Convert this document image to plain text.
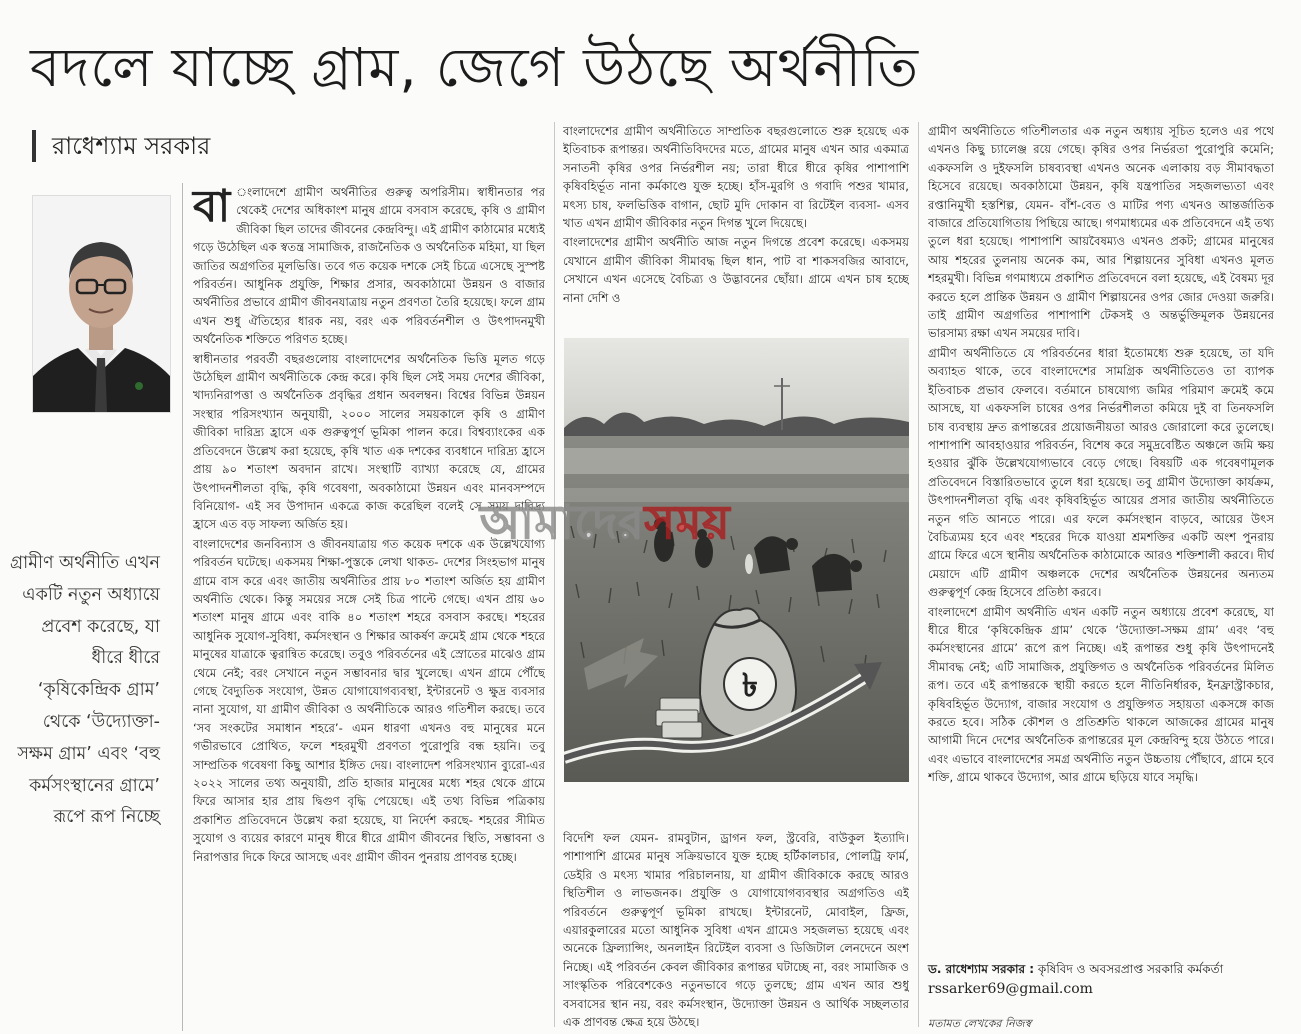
বদলে যাচ্ছে গ্রাম, জেগে উঠছে অর্থনীতি
রাধেশ্যাম সরকার
গ্রামীণ অর্থনীতি এখন একটি নতুন অধ্যায়ে প্রবেশ করেছে, যা ধীরে ধীরে ‘কৃষিকেন্দ্রিক গ্রাম’ থেকে ‘উদ্যোক্তা-সক্ষম গ্রাম’ এবং ‘বহু কর্মসংস্থানের গ্রামে’ রূপে রূপ নিচ্ছে

বা ংলাদেশে গ্রামীণ অর্থনীতির গুরুত্ব অপরিসীম। স্বাধীনতার পর থেকেই দেশের অধিকাংশ মানুষ গ্রামে বসবাস করেছে, কৃষি ও গ্রামীণ জীবিকা ছিল তাদের জীবনের কেন্দ্রবিন্দু। এই গ্রামীণ কাঠামোর মধ্যেই গড়ে উঠেছিল এক স্বতন্ত্র সামাজিক, রাজনৈতিক ও অর্থনৈতিক মহিমা, যা ছিল জাতির অগ্রগতির মূলভিত্তি। তবে গত কয়েক দশকে সেই চিত্রে এসেছে সুস্পষ্ট পরিবর্তন। আধুনিক প্রযুক্তি, শিক্ষার প্রসার, অবকাঠামো উন্নয়ন ও বাজার অর্থনীতির প্রভাবে গ্রামীণ জীবনযাত্রায় নতুন প্রবণতা তৈরি হয়েছে। ফলে গ্রাম এখন শুধু ঐতিহ্যের ধারক নয়, বরং এক পরিবর্তনশীল ও উৎপাদনমুখী অর্থনৈতিক শক্তিতে পরিণত হচ্ছে।

স্বাধীনতার পরবর্তী বছরগুলোয় বাংলাদেশের অর্থনৈতিক ভিত্তি মূলত গড়ে উঠেছিল গ্রামীণ অর্থনীতিকে কেন্দ্র করে। কৃষি ছিল সেই সময় দেশের জীবিকা, খাদ্যনিরাপত্তা ও অর্থনৈতিক প্রবৃদ্ধির প্রধান অবলম্বন। বিশ্বের বিভিন্ন উন্নয়ন সংস্থার পরিসংখ্যান অনুযায়ী, ২০০০ সালের সময়কালে কৃষি ও গ্রামীণ জীবিকা দারিদ্র্য হ্রাসে এক গুরুত্বপূর্ণ ভূমিকা পালন করে। বিশ্বব্যাংকের এক প্রতিবেদনে উল্লেখ করা হয়েছে, কৃষি খাত এক দশকের ব্যবধানে দারিদ্র্য হ্রাসে প্রায় ৯০ শতাংশ অবদান রাখে। সংস্থাটি ব্যাখ্যা করেছে যে, গ্রামের উৎপাদনশীলতা বৃদ্ধি, কৃষি গবেষণা, অবকাঠামো উন্নয়ন এবং মানবসম্পদে বিনিয়োগ- এই সব উপাদান একত্রে কাজ করেছিল বলেই সে সময় দারিদ্র্য হ্রাসে এত বড় সাফল্য অর্জিত হয়।

বাংলাদেশের জনবিন্যাস ও জীবনযাত্রায় গত কয়েক দশকে এক উল্লেখযোগ্য পরিবর্তন ঘটেছে। একসময় শিক্ষা-পুস্তকে লেখা থাকত- দেশের সিংহভাগ মানুষ গ্রামে বাস করে এবং জাতীয় অর্থনীতির প্রায় ৮০ শতাংশ অর্জিত হয় গ্রামীণ অর্থনীতি থেকে। কিন্তু সময়ের সঙ্গে সেই চিত্র পাল্টে গেছে। এখন প্রায় ৬০ শতাংশ মানুষ গ্রামে এবং বাকি ৪০ শতাংশ শহরে বসবাস করছে। শহরের আধুনিক সুযোগ-সুবিধা, কর্মসংস্থান ও শিক্ষার আকর্ষণ ক্রমেই গ্রাম থেকে শহরে মানুষের যাত্রাকে ত্বরান্বিত করেছে। তবুও পরিবর্তনের এই স্রোতের মাঝেও গ্রাম থেমে নেই; বরং সেখানে নতুন সম্ভাবনার দ্বার খুলেছে। এখন গ্রামে পৌঁছে গেছে বৈদ্যুতিক সংযোগ, উন্নত যোগাযোগব্যবস্থা, ইন্টারনেট ও ক্ষুদ্র ব্যবসার নানা সুযোগ, যা গ্রামীণ জীবিকা ও অর্থনীতিকে আরও গতিশীল করছে। তবে ‘সব সংকটের সমাধান শহরে’- এমন ধারণা এখনও বহু মানুষের মনে গভীরভাবে প্রোথিত, ফলে শহরমুখী প্রবণতা পুরোপুরি বন্ধ হয়নি। তবু সাম্প্রতিক গবেষণা কিছু আশার ইঙ্গিত দেয়। বাংলাদেশ পরিসংখ্যান ব্যুরো-এর ২০২২ সালের তথ্য অনুযায়ী, প্রতি হাজার মানুষের মধ্যে শহর থেকে গ্রামে ফিরে আসার হার প্রায় দ্বিগুণ বৃদ্ধি পেয়েছে। এই তথ্য বিভিন্ন পত্রিকায় প্রকাশিত প্রতিবেদনে উল্লেখ করা হয়েছে, যা নির্দেশ করছে- শহরের সীমিত সুযোগ ও ব্যয়ের কারণে মানুষ ধীরে ধীরে গ্রামীণ জীবনের স্থিতি, সম্ভাবনা ও নিরাপত্তার দিকে ফিরে আসছে এবং গ্রামীণ জীবন পুনরায় প্রাণবন্ত হচ্ছে।

বাংলাদেশের গ্রামীণ অর্থনীতিতে সাম্প্রতিক বছরগুলোতে শুরু হয়েছে এক ইতিবাচক রূপান্তর। অর্থনীতিবিদদের মতে, গ্রামের মানুষ এখন আর একমাত্র সনাতনী কৃষির ওপর নির্ভরশীল নয়; তারা ধীরে ধীরে কৃষির পাশাপাশি কৃষিবহির্ভূত নানা কর্মকাণ্ডে যুক্ত হচ্ছে। হাঁস-মুরগি ও গবাদি পশুর খামার, মৎস্য চাষ, ফলভিত্তিক বাগান, ছোট মুদি দোকান বা রিটেইল ব্যবসা- এসব খাত এখন গ্রামীণ জীবিকার নতুন দিগন্ত খুলে দিয়েছে।

বাংলাদেশের গ্রামীণ অর্থনীতি আজ নতুন দিগন্তে প্রবেশ করেছে। একসময় যেখানে গ্রামীণ জীবিকা সীমাবদ্ধ ছিল ধান, পাট বা শাকসবজির আবাদে, সেখানে এখন এসেছে বৈচিত্র্য ও উদ্ভাবনের ছোঁয়া। গ্রামে এখন চাষ হচ্ছে নানা দেশি ও

৳
আমাদেরসময়

বিদেশি ফল যেমন- রামবুটান, ড্রাগন ফল, স্ট্রবেরি, বাউকুল ইত্যাদি। পাশাপাশি গ্রামের মানুষ সক্রিয়ভাবে যুক্ত হচ্ছে হর্টিকালচার, পোলট্রি ফার্ম, ডেইরি ও মৎস্য খামার পরিচালনায়, যা গ্রামীণ জীবিকাকে করছে আরও স্থিতিশীল ও লাভজনক। প্রযুক্তি ও যোগাযোগব্যবস্থার অগ্রগতিও এই পরিবর্তনে গুরুত্বপূর্ণ ভূমিকা রাখছে। ইন্টারনেট, মোবাইল, ফ্রিজ, এয়ারকুলারের মতো আধুনিক সুবিধা এখন গ্রামেও সহজলভ্য হয়েছে এবং অনেকে ফ্রিল্যান্সিং, অনলাইন রিটেইল ব্যবসা ও ডিজিটাল লেনদেনে অংশ নিচ্ছে। এই পরিবর্তন কেবল জীবিকার রূপান্তর ঘটাচ্ছে না, বরং সামাজিক ও সাংস্কৃতিক পরিবেশকেও নতুনভাবে গড়ে তুলছে; গ্রাম এখন আর শুধু বসবাসের স্থান নয়, বরং কর্মসংস্থান, উদ্যোক্তা উন্নয়ন ও আর্থিক সচ্ছলতার এক প্রাণবন্ত ক্ষেত্র হয়ে উঠছে।

গ্রামীণ অর্থনীতিতে গতিশীলতার এক নতুন অধ্যায় সূচিত হলেও এর পথে এখনও কিছু চ্যালেঞ্জ রয়ে গেছে। কৃষির ওপর নির্ভরতা পুরোপুরি কমেনি; একফসলি ও দুইফসলি চাষব্যবস্থা এখনও অনেক এলাকায় বড় সীমাবদ্ধতা হিসেবে রয়েছে। অবকাঠামো উন্নয়ন, কৃষি যন্ত্রপাতির সহজলভ্যতা এবং রপ্তানিমুখী হস্তশিল্প, যেমন- বাঁশ-বেত ও মাটির পণ্য এখনও আন্তর্জাতিক বাজারে প্রতিযোগিতায় পিছিয়ে আছে। গণমাধ্যমের এক প্রতিবেদনে এই তথ্য তুলে ধরা হয়েছে। পাশাপাশি আয়বৈষম্যও এখনও প্রকট; গ্রামের মানুষের আয় শহরের তুলনায় অনেক কম, আর শিল্পায়নের সুবিধা এখনও মূলত শহরমুখী। বিভিন্ন গণমাধ্যমে প্রকাশিত প্রতিবেদনে বলা হয়েছে, এই বৈষম্য দূর করতে হলে প্রান্তিক উন্নয়ন ও গ্রামীণ শিল্পায়নের ওপর জোর দেওয়া জরুরি। তাই গ্রামীণ অগ্রগতির পাশাপাশি টেকসই ও অন্তর্ভুক্তিমূলক উন্নয়নের ভারসাম্য রক্ষা এখন সময়ের দাবি।

গ্রামীণ অর্থনীতিতে যে পরিবর্তনের ধারা ইতোমধ্যে শুরু হয়েছে, তা যদি অব্যাহত থাকে, তবে বাংলাদেশের সামগ্রিক অর্থনীতিতেও তা ব্যাপক ইতিবাচক প্রভাব ফেলবে। বর্তমানে চাষযোগ্য জমির পরিমাণ ক্রমেই কমে আসছে, যা একফসলি চাষের ওপর নির্ভরশীলতা কমিয়ে দুই বা তিনফসলি চাষ ব্যবস্থায় দ্রুত রূপান্তরের প্রয়োজনীয়তা আরও জোরালো করে তুলেছে। পাশাপাশি আবহাওয়ার পরিবর্তন, বিশেষ করে সমুদ্রবেষ্টিত অঞ্চলে জমি ক্ষয় হওয়ার ঝুঁকি উল্লেখযোগ্যভাবে বেড়ে গেছে। বিষয়টি এক গবেষণামূলক প্রতিবেদনে বিস্তারিতভাবে তুলে ধরা হয়েছে। তবু গ্রামীণ উদ্যোক্তা কার্যক্রম, উৎপাদনশীলতা বৃদ্ধি এবং কৃষিবহির্ভূত আয়ের প্রসার জাতীয় অর্থনীতিতে নতুন গতি আনতে পারে। এর ফলে কর্মসংস্থান বাড়বে, আয়ের উৎস বৈচিত্র্যময় হবে এবং শহরের দিকে যাওয়া শ্রমশক্তির একটি অংশ পুনরায় গ্রামে ফিরে এসে স্থানীয় অর্থনৈতিক কাঠামোকে আরও শক্তিশালী করবে। দীর্ঘ মেয়াদে এটি গ্রামীণ অঞ্চলকে দেশের অর্থনৈতিক উন্নয়নের অন্যতম গুরুত্বপূর্ণ কেন্দ্র হিসেবে প্রতিষ্ঠা করবে।

বাংলাদেশে গ্রামীণ অর্থনীতি এখন একটি নতুন অধ্যায়ে প্রবেশ করেছে, যা ধীরে ধীরে ‘কৃষিকেন্দ্রিক গ্রাম’ থেকে ‘উদ্যোক্তা-সক্ষম গ্রাম’ এবং ‘বহু কর্মসংস্থানের গ্রামে’ রূপে রূপ নিচ্ছে। এই রূপান্তর শুধু কৃষি উৎপাদনেই সীমাবদ্ধ নেই; এটি সামাজিক, প্রযুক্তিগত ও অর্থনৈতিক পরিবর্তনের মিলিত রূপ। তবে এই রূপান্তরকে স্থায়ী করতে হলে নীতিনির্ধারক, ইনফ্রাস্ট্রাকচার, কৃষিবহির্ভূত উদ্যোগ, বাজার সংযোগ ও প্রযুক্তিগত সহায়তা একসঙ্গে কাজ করতে হবে। সঠিক কৌশল ও প্রতিশ্রুতি থাকলে আজকের গ্রামের মানুষ আগামী দিনে দেশের অর্থনৈতিক রূপান্তরের মূল কেন্দ্রবিন্দু হয়ে উঠতে পারে। এবং এভাবে বাংলাদেশের সমগ্র অর্থনীতি নতুন উচ্চতায় পৌঁছাবে, গ্রামে হবে শক্তি, গ্রামে থাকবে উদ্যোগ, আর গ্রামে ছড়িয়ে যাবে সমৃদ্ধি।

ড. রাধেশ্যাম সরকার : কৃষিবিদ ও অবসরপ্রাপ্ত সরকারি কর্মকর্তা
rssarker69@gmail.com
মতামত লেখকের নিজস্ব
